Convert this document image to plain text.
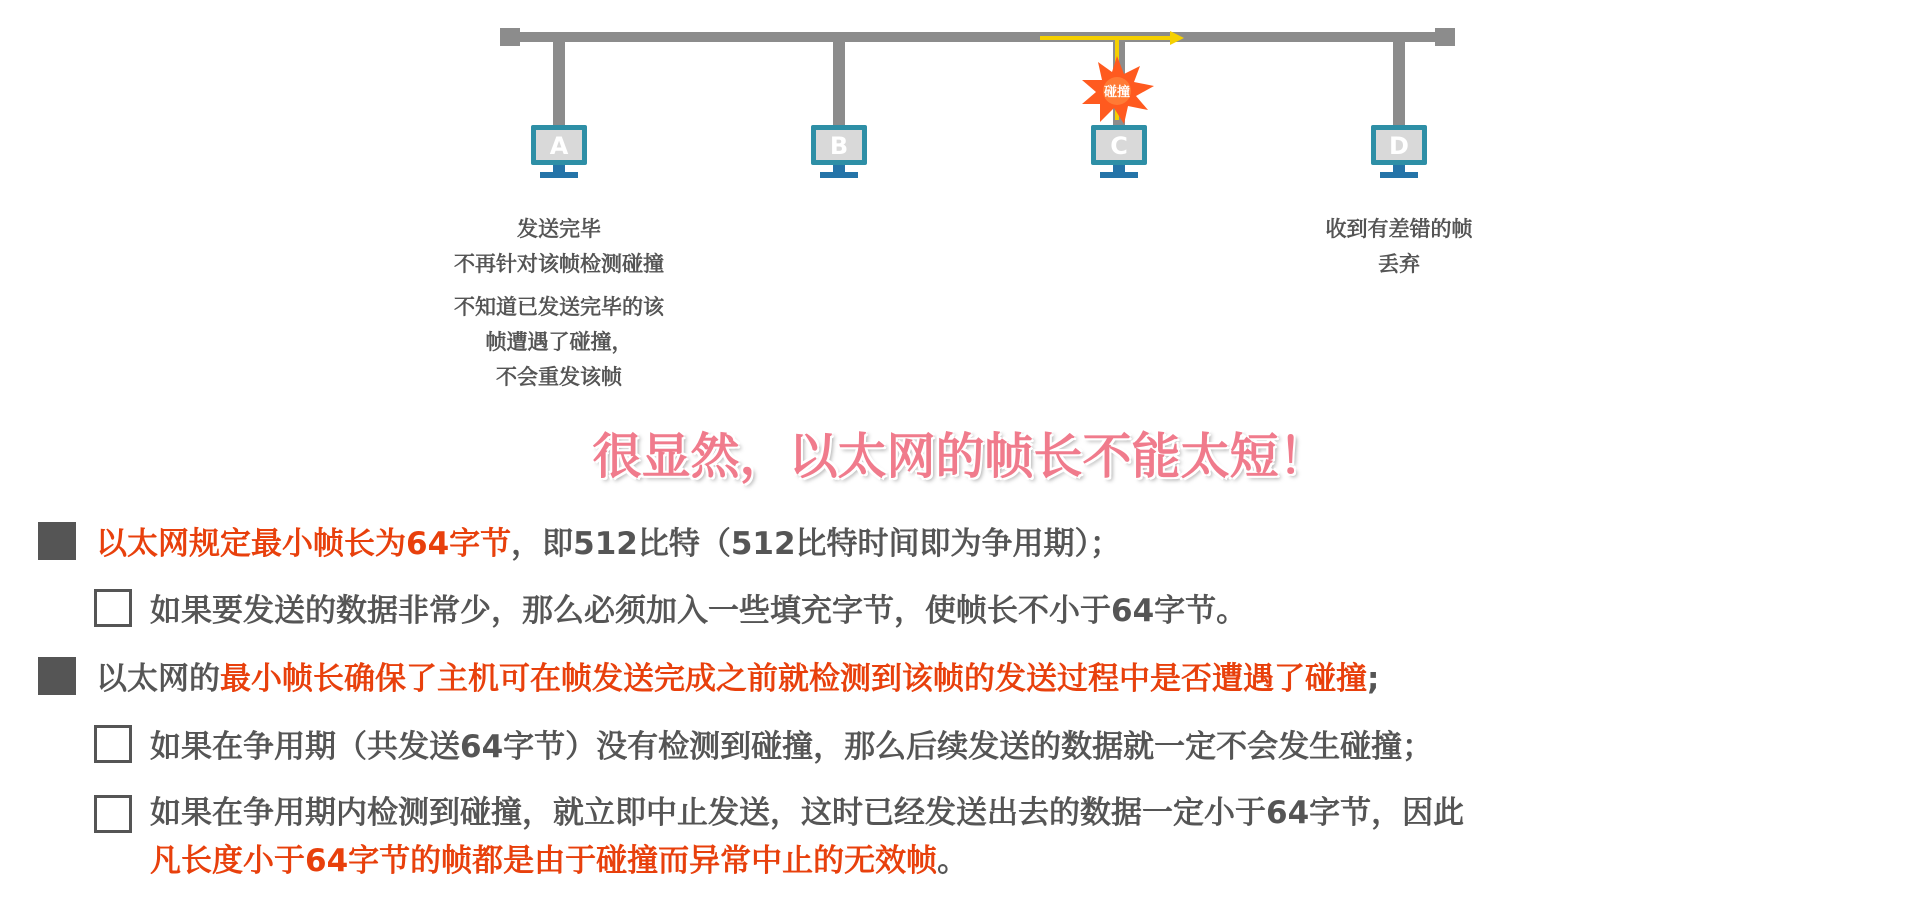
碰撞
A	B	C	D
发送完毕
不再针对该帧检测碰撞
不知道已发送完毕的该
帧遭遇了碰撞，
不会重发该帧
收到有差错的帧
丢弃
很显然，以太网的帧长不能太短！
以太网规定最小帧长为64字节，即512比特（512比特时间即为争用期）；
如果要发送的数据非常少，那么必须加入一些填充字节，使帧长不小于64字节。
以太网的最小帧长确保了主机可在帧发送完成之前就检测到该帧的发送过程中是否遭遇了碰撞;
如果在争用期（共发送64字节）没有检测到碰撞，那么后续发送的数据就一定不会发生碰撞；
如果在争用期内检测到碰撞，就立即中止发送，这时已经发送出去的数据一定小于64字节，因此
凡长度小于64字节的帧都是由于碰撞而异常中止的无效帧。
